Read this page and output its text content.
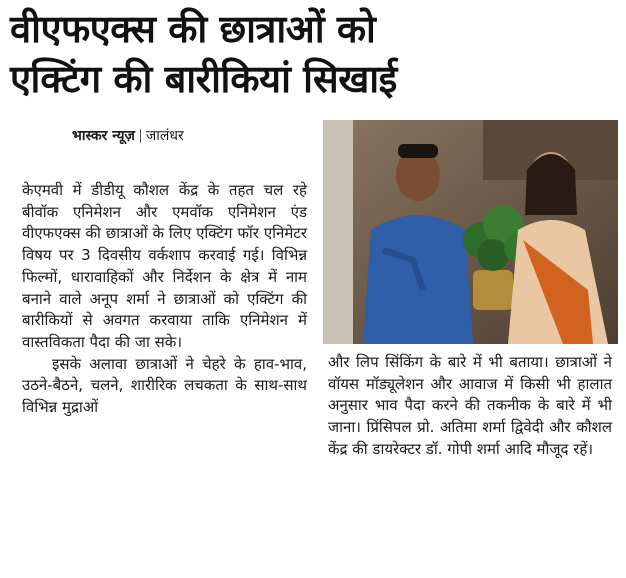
वीएफएक्स की छात्राओं को
एक्टिंग की बारीकियां सिखाई
भास्कर न्यूज़ जालंधर

केएमवी में डीडीयू कौशल केंद्र के तहत चल रहे बीवॉक एनिमेशन और एमवॉक एनिमेशन एंड वीएफएक्स की छात्राओं के लिए एक्टिंग फॉर एनिमेटर विषय पर 3 दिवसीय वर्कशाप करवाई गई। विभिन्न फिल्मों, धारावाहिकों और निर्देशन के क्षेत्र में नाम बनाने वाले अनूप शर्मा ने छात्राओं को एक्टिंग की बारीकियों से अवगत करवाया ताकि एनिमेशन में वास्तविकता पैदा की जा सके।

इसके अलावा छात्राओं ने चेहरे के हाव-भाव, उठने-बैठने, चलने, शारीरिक लचकता के साथ-साथ विभिन्न मुद्राओं

और लिप सिंकिंग के बारे में भी बताया। छात्राओं ने वॉयस मॉड्यूलेशन और आवाज में किसी भी हालात अनुसार भाव पैदा करने की तकनीक के बारे में भी जाना। प्रिंसिपल प्रो. अतिमा शर्मा द्विवेदी और कौशल केंद्र की डायरेक्टर डॉ. गोपी शर्मा आदि मौजूद रहें।
